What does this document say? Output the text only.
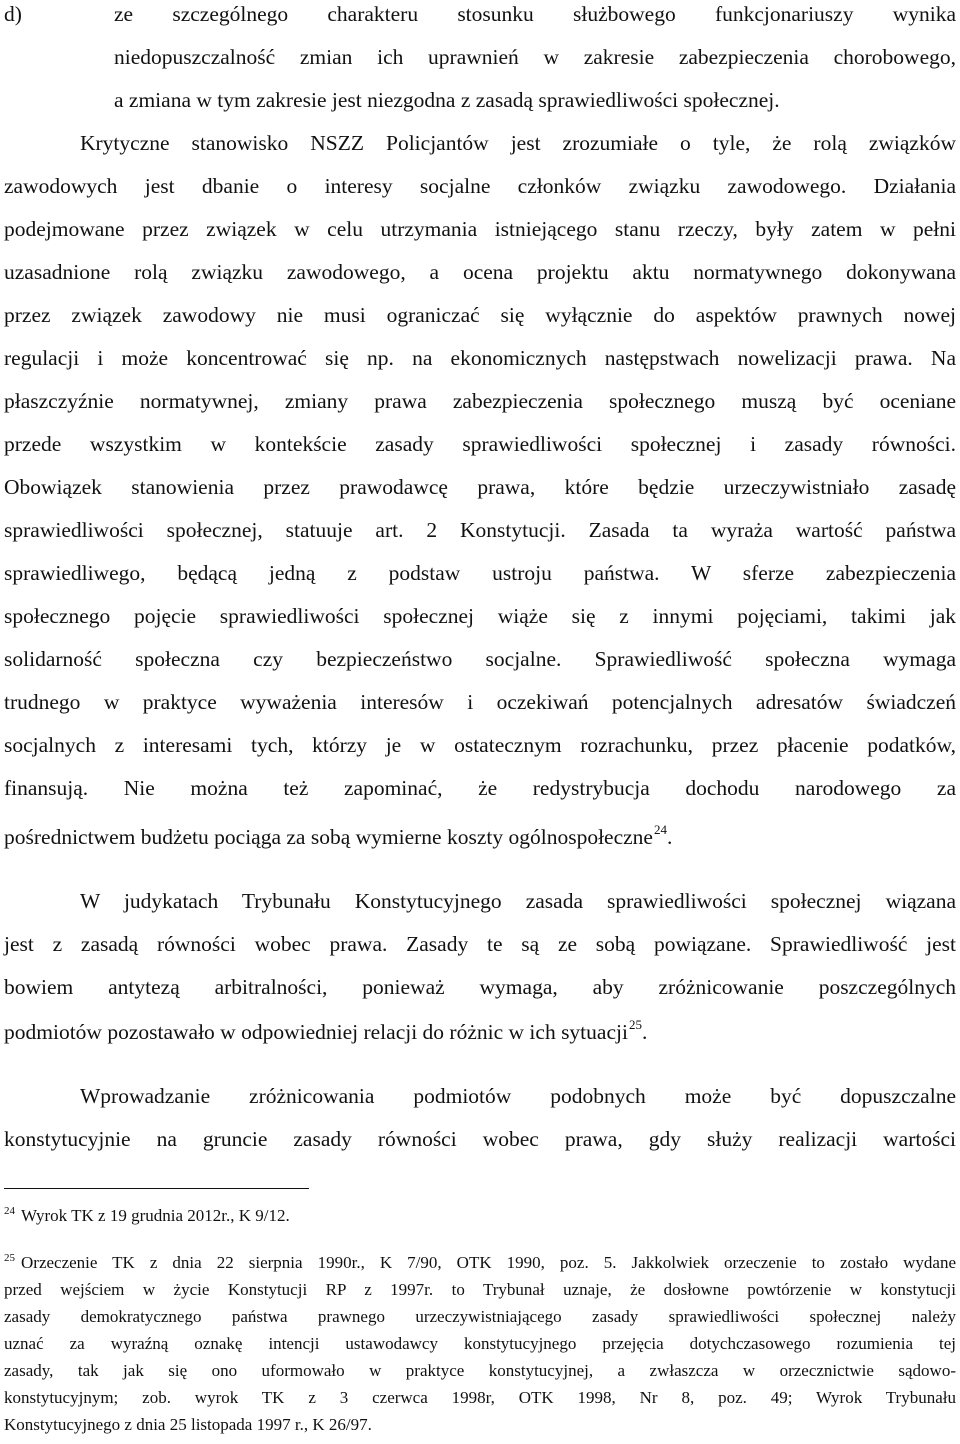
d)	ze szczególnego charakteru stosunku służbowego funkcjonariuszy wynika

niedopuszczalność zmian ich uprawnień w zakresie zabezpieczenia chorobowego,

a zmiana w tym zakresie jest niezgodna z zasadą sprawiedliwości społecznej.

Krytyczne stanowisko NSZZ Policjantów jest zrozumiałe o tyle, że rolą związków

zawodowych jest dbanie o interesy socjalne członków związku zawodowego. Działania

podejmowane przez związek w celu utrzymania istniejącego stanu rzeczy, były zatem w pełni

uzasadnione rolą związku zawodowego, a ocena projektu aktu normatywnego dokonywana

przez związek zawodowy nie musi ograniczać się wyłącznie do aspektów prawnych nowej

regulacji i może koncentrować się np. na ekonomicznych następstwach nowelizacji prawa. Na

płaszczyźnie normatywnej, zmiany prawa zabezpieczenia społecznego muszą być oceniane

przede wszystkim w kontekście zasady sprawiedliwości społecznej i zasady równości.

Obowiązek stanowienia przez prawodawcę prawa, które będzie urzeczywistniało zasadę

sprawiedliwości społecznej, statuuje art. 2 Konstytucji. Zasada ta wyraża wartość państwa

sprawiedliwego, będącą jedną z podstaw ustroju państwa. W sferze zabezpieczenia

społecznego pojęcie sprawiedliwości społecznej wiąże się z innymi pojęciami, takimi jak

solidarność społeczna czy bezpieczeństwo socjalne. Sprawiedliwość społeczna wymaga

trudnego w praktyce wyważenia interesów i oczekiwań potencjalnych adresatów świadczeń

socjalnych z interesami tych, którzy je w ostatecznym rozrachunku, przez płacenie podatków,

finansują. Nie można też zapominać, że redystrybucja dochodu narodowego za

pośrednictwem budżetu pociąga za sobą wymierne koszty ogólnospołeczne$^{24}$.

W judykatach Trybunału Konstytucyjnego zasada sprawiedliwości społecznej wiązana

jest z zasadą równości wobec prawa. Zasady te są ze sobą powiązane. Sprawiedliwość jest

bowiem antytezą arbitralności, ponieważ wymaga, aby zróżnicowanie poszczególnych

podmiotów pozostawało w odpowiedniej relacji do różnic w ich sytuacji$^{25}$.

Wprowadzanie zróżnicowania podmiotów podobnych może być dopuszczalne

konstytucyjnie na gruncie zasady równości wobec prawa, gdy służy realizacji wartości

$^{24}$ Wyrok TK z 19 grudnia 2012r., K 9/12.

$^{25}$ Orzeczenie TK z dnia 22 sierpnia 1990r., K 7/90, OTK 1990, poz. 5. Jakkolwiek orzeczenie to zostało wydane

przed wejściem w życie Konstytucji RP z 1997r. to Trybunał uznaje, że dosłowne powtórzenie w konstytucji

zasady demokratycznego państwa prawnego urzeczywistniającego zasady sprawiedliwości społecznej należy

uznać za wyraźną oznakę intencji ustawodawcy konstytucyjnego przejęcia dotychczasowego rozumienia tej

zasady, tak jak się ono uformowało w praktyce konstytucyjnej, a zwłaszcza w orzecznictwie sądowo-

konstytucyjnym; zob. wyrok TK z 3 czerwca 1998r, OTK 1998, Nr 8, poz. 49; Wyrok Trybunału

Konstytucyjnego z dnia 25 listopada 1997 r., K 26/97.
